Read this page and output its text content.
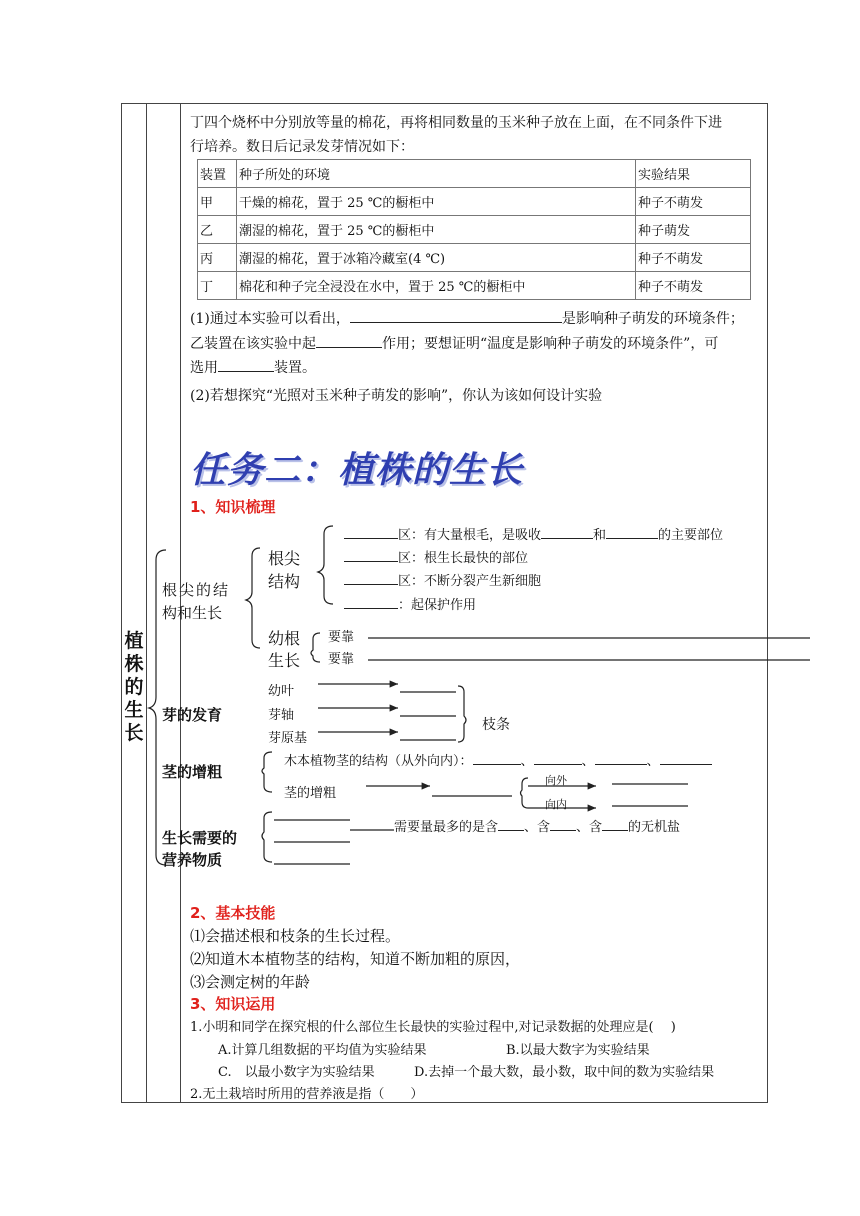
丁四个烧杯中分别放等量的棉花，再将相同数量的玉米种子放在上面，在不同条件下进
行培养。数日后记录发芽情况如下：
装置	种子所处的环境	实验结果
甲	干燥的棉花，置于 25 ℃的橱柜中	种子不萌发
乙	潮湿的棉花，置于 25 ℃的橱柜中	种子萌发
丙	潮湿的棉花，置于冰箱冷藏室(4 ℃)	种子不萌发
丁	棉花和种子完全浸没在水中，置于 25 ℃的橱柜中	种子不萌发
(1)通过本实验可以看出，	是影响种子萌发的环境条件；
乙装置在该实验中起	作用；要想证明“温度是影响种子萌发的环境条件”，可
选用	装置。
(2)若想探究“光照对玉米种子萌发的影响”，你认为该如何设计实验
任务二：植株的生长
1、知识梳理
植
株
的
生
长
根尖的结
构和生长
根尖
结构
区：有大量根毛，是吸收	和	的主要部位
区：根生长最快的部位
区：不断分裂产生新细胞
：起保护作用
幼根
生长
要靠
要靠
芽的发育
幼叶
芽轴
芽原基
枝条
茎的增粗
木本植物茎的结构（从外向内）：	、	、	、
茎的增粗
向外
向内
生长需要的
营养物质
需要量最多的是含 、含 、含 的无机盐
2、基本技能
⑴会描述根和枝条的生长过程。
⑵知道木本植物茎的结构，知道不断加粗的原因，
⑶会测定树的年龄
3、知识运用
1.小明和同学在探究根的什么部位生长最快的实验过程中,对记录数据的处理应是(　 )
A.计算几组数据的平均值为实验结果	B.以最大数字为实验结果
C.　以最小数字为实验结果	D.去掉一个最大数，最小数，取中间的数为实验结果
2.无土栽培时所用的营养液是指（　　）
